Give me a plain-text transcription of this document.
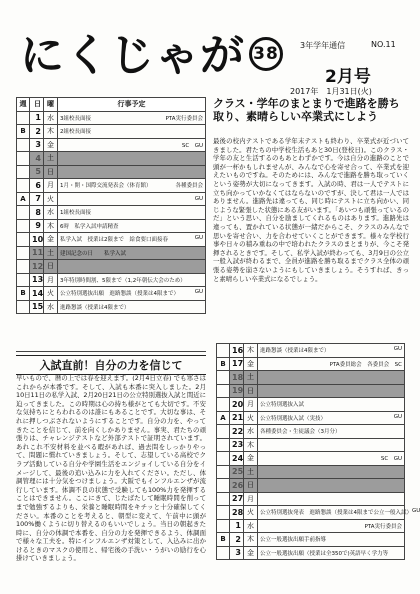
にくじゃが 38	3年学年通信	NO.11
2月号
2017年　1月31日(火)
週	日	曜	行事予定
	1	水	3組校長面接 PTA実行委員会

B	2	木	2組校長面接

	3	金	SC　GU

	4	土	

	5	日	

	6	月	1月・開・国際交流発表会（体育館） 各種委員会

A	7	火	GU

	8	水	1組校長面接

	9	木	6時　私学入試申請精査

	10	金	私学入試　授業は2限まで　給食要口面接春 GU

	11	土	建国記念の日　　私学入試

	12	日	

	13	月	3年特別時間割、5限まで（1,2年朝伝大会のため）

B	14	火	公立特別選抜出願　進路懇談（授業は4限まで） GU

	15	水	進路懇談（授業は4限まで）
クラス・学年のまとまりで進路を勝ち取り、素晴らしい卒業式にしよう
最後の校内テストである学年末テストも終わり、卒業式が近づいてきました。君たちの中学校生活もあと30日(登校日)。このクラス・学年の友と生活するのもあとわずかです。今は自分の進路のことで頭が一杯かもしれませんが、みんなで心を寄せ合って、卒業式を迎えたいものですね。そのためには、みんなで進路を勝ち取っていくという姿勢が大切になってきます。入試の時、君は一人でテストに立ち向かっていかなくてはならないのですが、決して君は一人ではありません。進路先は違っても、同じ時にテストに立ち向かい、同じような緊張した状態にある友がいます。「あいつも頑張っているのだ」という思い、自分を励ましてくれるものはあります。進路先は違っても、置かれている状態が一緒だからこそ、クラスのみんなで思いを寄せ合い、力を合わせていくことができます。様々な学校行事や日々の積み重ねの中で培われたクラスのまとまりが、今こそ発揮されるときです。そして、私学入試が終わっても、3月9日の公立一般入試が終わるまで、全員が進路を勝ち取るまでクラス全体の頑張る姿勢を崩さないようにもしていきましょう。そうすれば、きっと素晴らしい卒業式になるでしょう。
入試直前！自分の力を信じて
早いもので、暦の上では春を迎えます。(2月4日立春) でも寒さはこれからが本番です。そして、入試も本番に突入しました。2月10日11日の私学入試、2月20日21日の公立特別選抜入試と間近に迫ってきました。この時期は心の持ち様がとても大切です。不安な気持ちにとらわれるのは誰にもあることです。大切な事は、それに押しつぶされないようにすることです。自分の力を、やってきたことを信じて、前を向くしかありません。事実、君たちの頑張りは、チャレンジテストなど外部テストで証明されています。あれこれ不安材料を並べる暇があれば、過去問をしっかりやって、問題に慣れていきましょう。そして、志望している高校でクラブ活動している自分や学園生活をエンジョイしている自分をイメージして、最後の追い込みに力を入れてください。ただし、体調管理には十分気をつけましょう。大阪でもインフルエンザが流行しています。体調不良の状態で受験しても100%力を発揮することはできません。ここにきて、じたばたして睡眠時間を削ってまで勉強するよりも、栄養と睡眠時間をキチッと十分確保してください。本番のことを考えると、朝型に変えて、午前中に頭が100%働くように切り替えるのもいいでしょう。当日の朝起きた時に、自分の体調で本番を、自分の力を発揮できるよう、体調面で様々な工夫を。特にインフルエンザ対策として、入込みに出かけるときのマスクの使用と、帰宅後の手洗い・うがいの励行を心掛けていきましょう。
	16	木	進路懇談（授業は4限まで） GU

B	17	金	PTA委員総会　各委員会　SC

	18	土	

	19	日	

	20	月	公立特別選抜入試

A	21	火	公立特別選抜入試（実技） GU

	22	水	各種委員会・生徒議会（3月分）

	23	木	

	24	金	SC　GU

	25	土	

	26	日	

	27	月	

	28	火	公立特別選抜発表　進路懇談（授業は4限まで公立一般入試） GU

	1	水	PTA実行委員会

B	2	木	公立一般選抜出願手前指導

	3	金	公立一般選抜出願（授業は全350で)英語早く学力等
